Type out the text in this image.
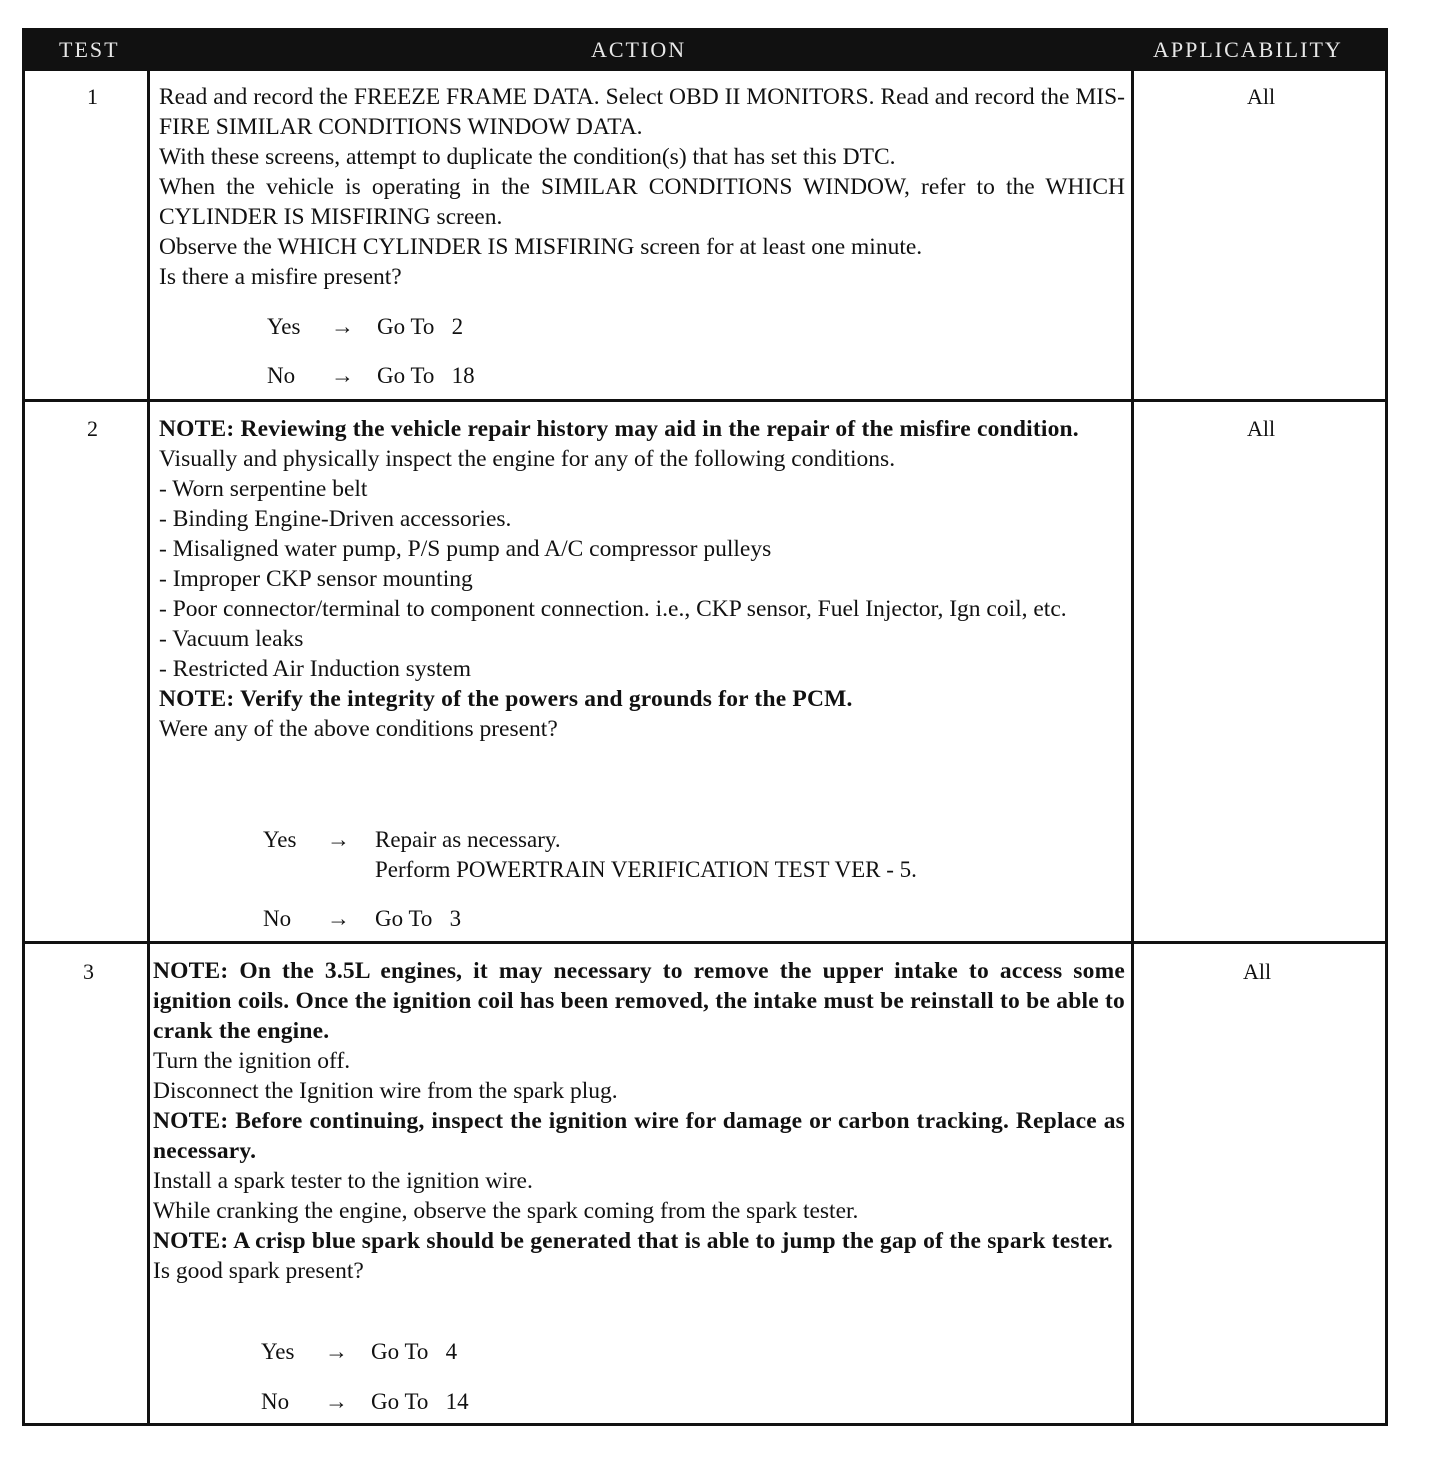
TEST	ACTION	APPLICABILITY
1	Read and record the FREEZE FRAME DATA. Select OBD II MONITORS. Read and record the MIS-FIRE SIMILAR CONDITIONS WINDOW DATA.

With these screens, attempt to duplicate the condition(s) that has set this DTC.

When the vehicle is operating in the SIMILAR CONDITIONS WINDOW, refer to the WHICH CYLINDER IS MISFIRING screen.

Observe the WHICH CYLINDER IS MISFIRING screen for at least one minute.

Is there a misfire present?

Yes → Go To   2
No → Go To   18
All
2	NOTE: Reviewing the vehicle repair history may aid in the repair of the misfire condition.

Visually and physically inspect the engine for any of the following conditions.

- Worn serpentine belt

- Binding Engine-Driven accessories.

- Misaligned water pump, P/S pump and A/C compressor pulleys

- Improper CKP sensor mounting

- Poor connector/terminal to component connection. i.e., CKP sensor, Fuel Injector, Ign coil, etc.

- Vacuum leaks

- Restricted Air Induction system

NOTE: Verify the integrity of the powers and grounds for the PCM.

Were any of the above conditions present?

Yes → Repair as necessary.
Perform POWERTRAIN VERIFICATION TEST VER - 5.
No → Go To   3
All
3	NOTE: On the 3.5L engines, it may necessary to remove the upper intake to access some ignition coils. Once the ignition coil has been removed, the intake must be reinstall to be able to crank the engine.

Turn the ignition off.

Disconnect the Ignition wire from the spark plug.

NOTE: Before continuing, inspect the ignition wire for damage or carbon tracking. Replace as necessary.

Install a spark tester to the ignition wire.

While cranking the engine, observe the spark coming from the spark tester.

NOTE: A crisp blue spark should be generated that is able to jump the gap of the spark tester.

Is good spark present?

Yes → Go To   4
No → Go To   14
All
